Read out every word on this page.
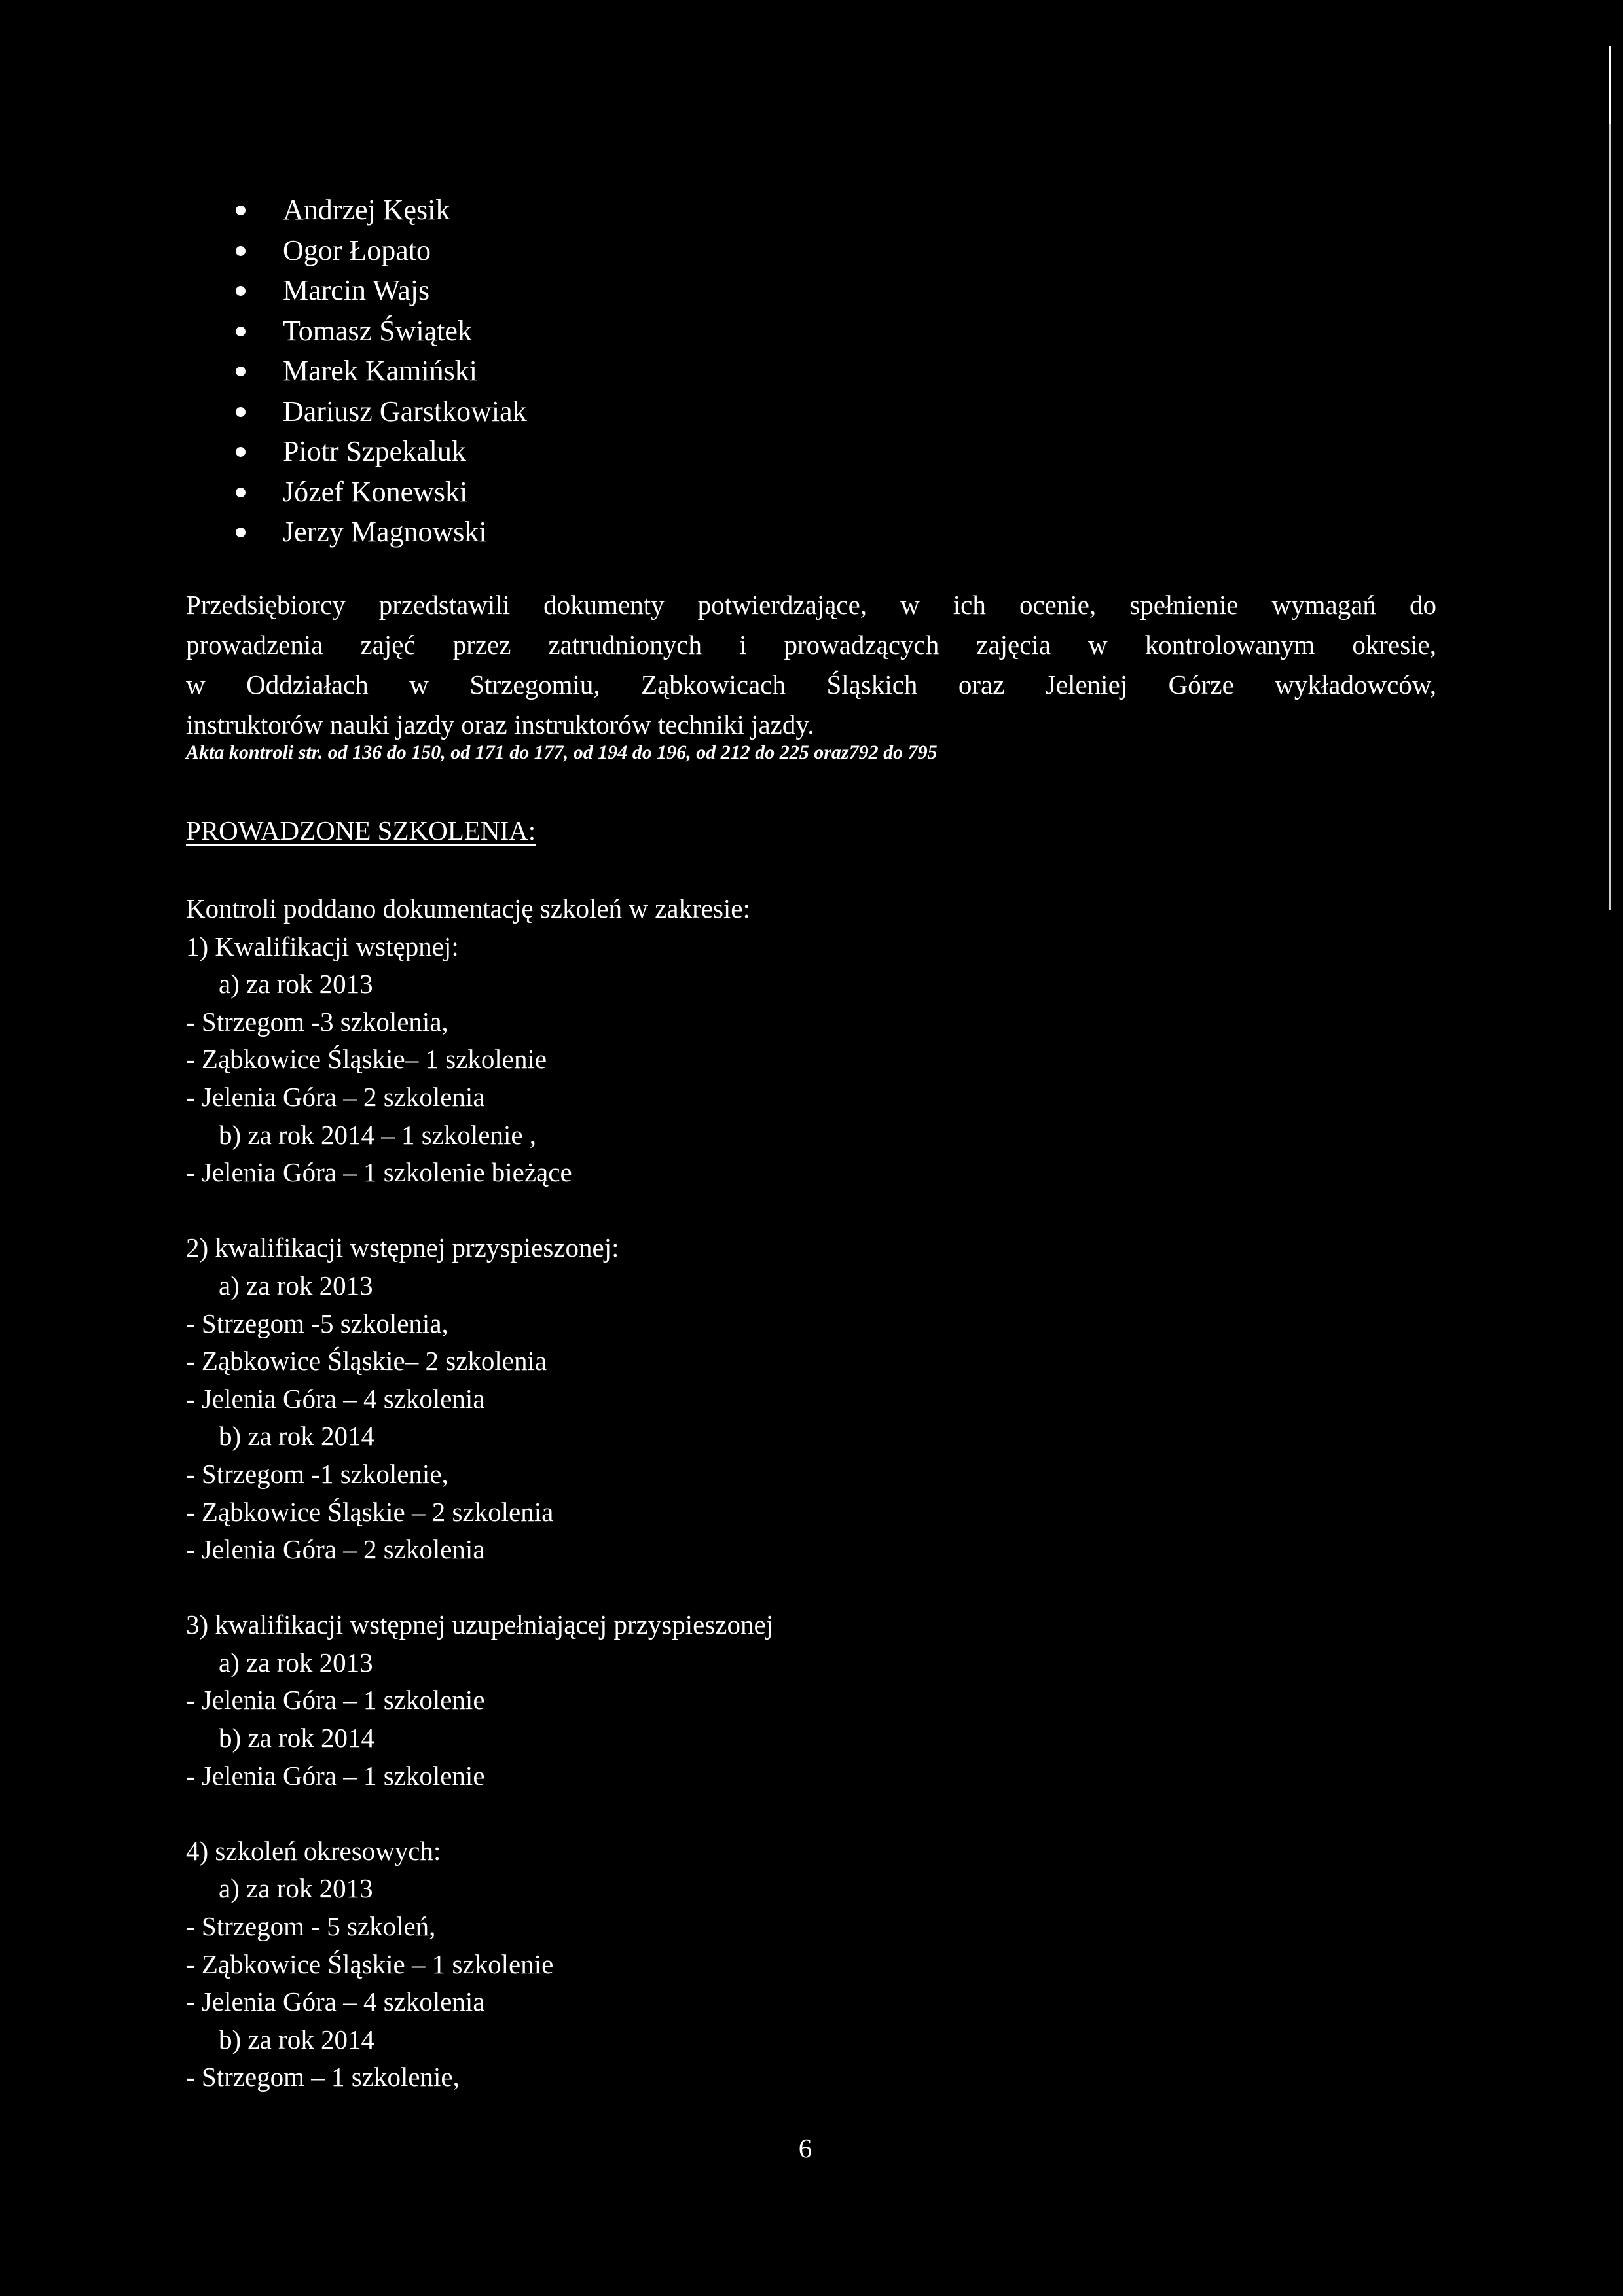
Andrzej Kęsik
Ogor Łopato
Marcin Wajs
Tomasz Świątek
Marek Kamiński
Dariusz Garstkowiak
Piotr Szpekaluk
Józef Konewski
Jerzy Magnowski
Przedsiębiorcy przedstawili dokumenty potwierdzające, w ich ocenie, spełnienie wymagań do
prowadzenia zajęć przez zatrudnionych i prowadzących zajęcia w kontrolowanym okresie,
w Oddziałach w Strzegomiu, Ząbkowicach Śląskich oraz Jeleniej Górze wykładowców,
instruktorów nauki jazdy oraz instruktorów techniki jazdy.
Akta kontroli str. od 136 do 150, od 171 do 177, od 194 do 196, od 212 do 225 oraz792 do 795
PROWADZONE SZKOLENIA:
Kontroli poddano dokumentację szkoleń w zakresie:
1) Kwalifikacji wstępnej:
a) za rok 2013
- Strzegom -3 szkolenia,
- Ząbkowice Śląskie– 1 szkolenie
- Jelenia Góra – 2 szkolenia
b) za rok 2014 – 1 szkolenie ,
- Jelenia Góra – 1 szkolenie bieżące
2) kwalifikacji wstępnej przyspieszonej:
a) za rok 2013
- Strzegom -5 szkolenia,
- Ząbkowice Śląskie– 2 szkolenia
- Jelenia Góra – 4 szkolenia
b) za rok 2014
- Strzegom -1 szkolenie,
- Ząbkowice Śląskie – 2 szkolenia
- Jelenia Góra – 2 szkolenia
3) kwalifikacji wstępnej uzupełniającej przyspieszonej
a) za rok 2013
- Jelenia Góra – 1 szkolenie
b) za rok 2014
- Jelenia Góra – 1 szkolenie
4) szkoleń okresowych:
a) za rok 2013
- Strzegom - 5 szkoleń,
- Ząbkowice Śląskie – 1 szkolenie
- Jelenia Góra – 4 szkolenia
b) za rok 2014
- Strzegom – 1 szkolenie,
6
